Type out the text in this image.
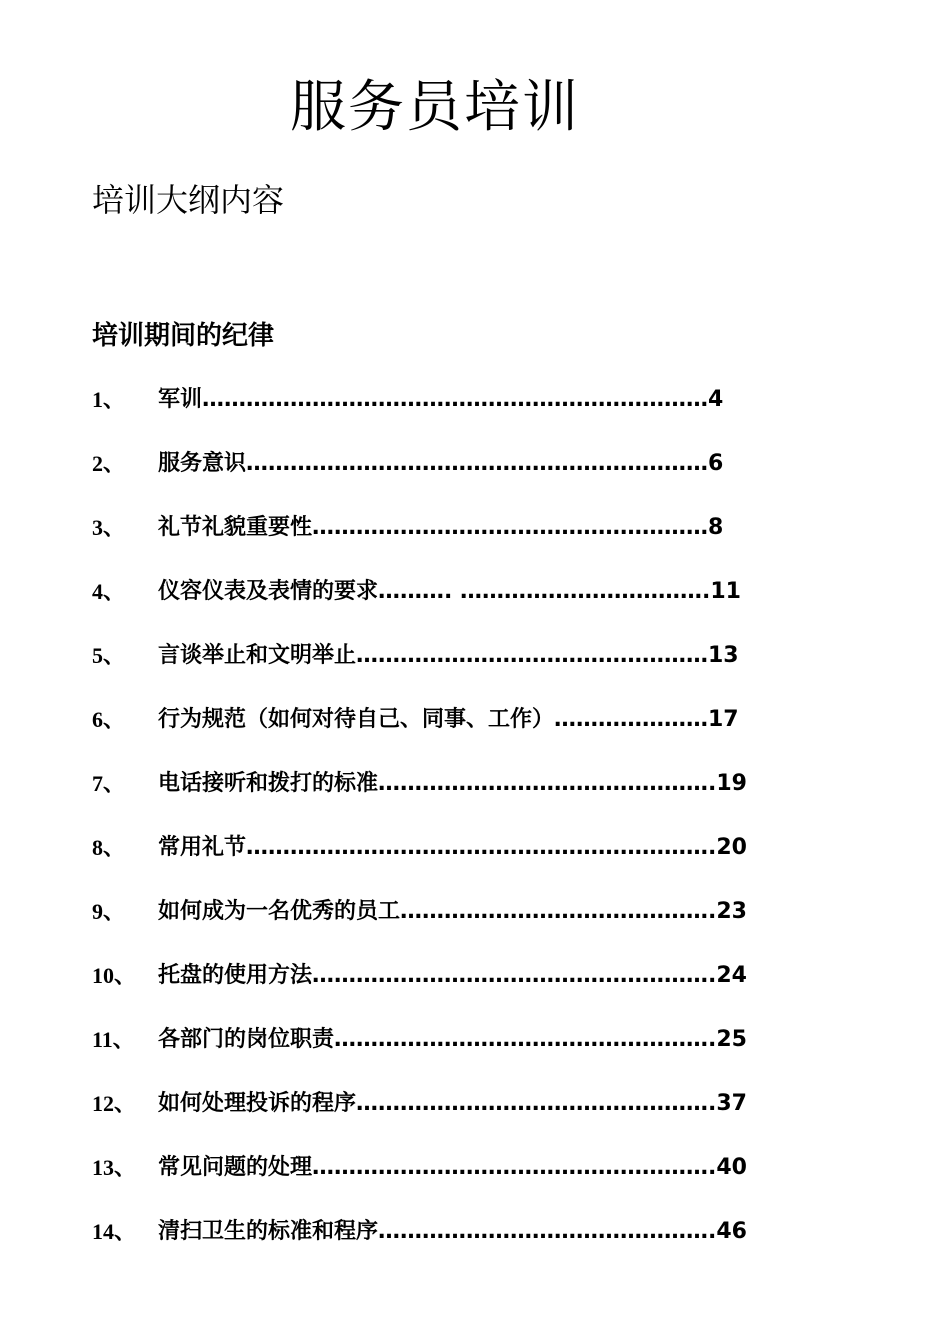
服务员培训
培训大纲内容
培训期间的纪律
1、 军训……………………………………………………………4
2、 服务意识………………………………………………………6
3、 礼节礼貌重要性………………………………………………8
4、 仪容仪表及表情的要求………. …………………………….11
5、 言谈举止和文明举止…………………………………………13
6、 行为规范（如何对待自己、同事、工作）…………………17
7、 电话接听和拨打的标准……………………………………….19
8、 常用礼节……………………………………………………….20
9、 如何成为一名优秀的员工…………………………………….23
10、 托盘的使用方法……………………………………………….24
11、 各部门的岗位职责…………………………………………….25
12、 如何处理投诉的程序………………………………………….37
13、 常见问题的处理……………………………………………….40
14、 清扫卫生的标准和程序……………………………………….46
